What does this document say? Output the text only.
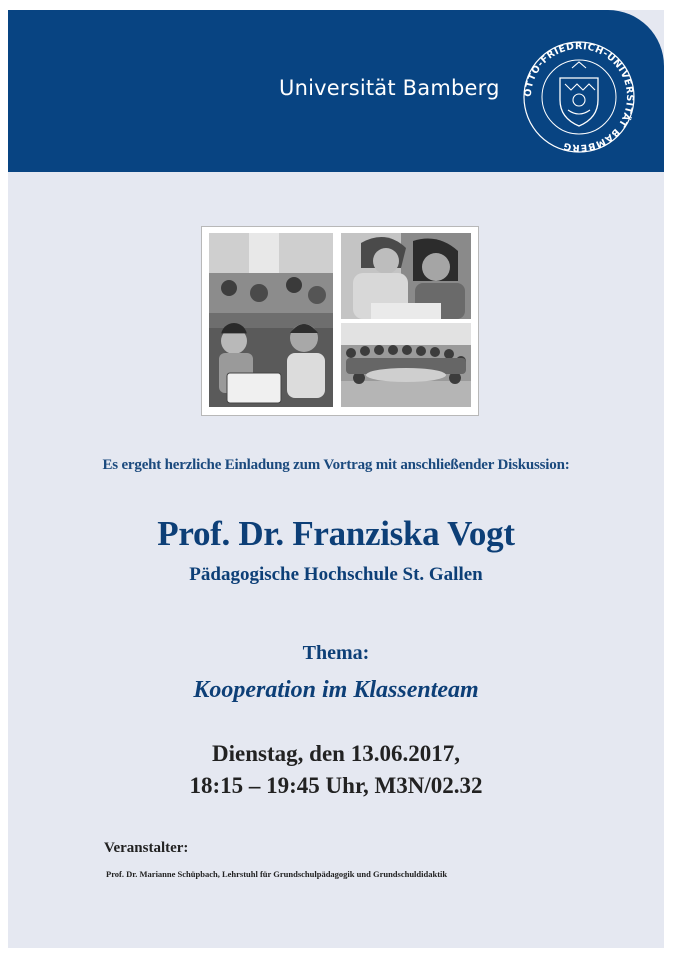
Universität Bamberg OTTO-FRIEDRICH-UNIVERSITÄT BAMBERG
Es ergeht herzliche Einladung zum Vortrag mit anschließender Diskussion:
Prof. Dr. Franziska Vogt
Pädagogische Hochschule St. Gallen
Thema:
Kooperation im Klassenteam
Dienstag, den 13.06.2017,
18:15 – 19:45 Uhr, M3N/02.32
Veranstalter:
Prof. Dr. Marianne Schüpbach, Lehrstuhl für Grundschulpädagogik und Grundschuldidaktik
